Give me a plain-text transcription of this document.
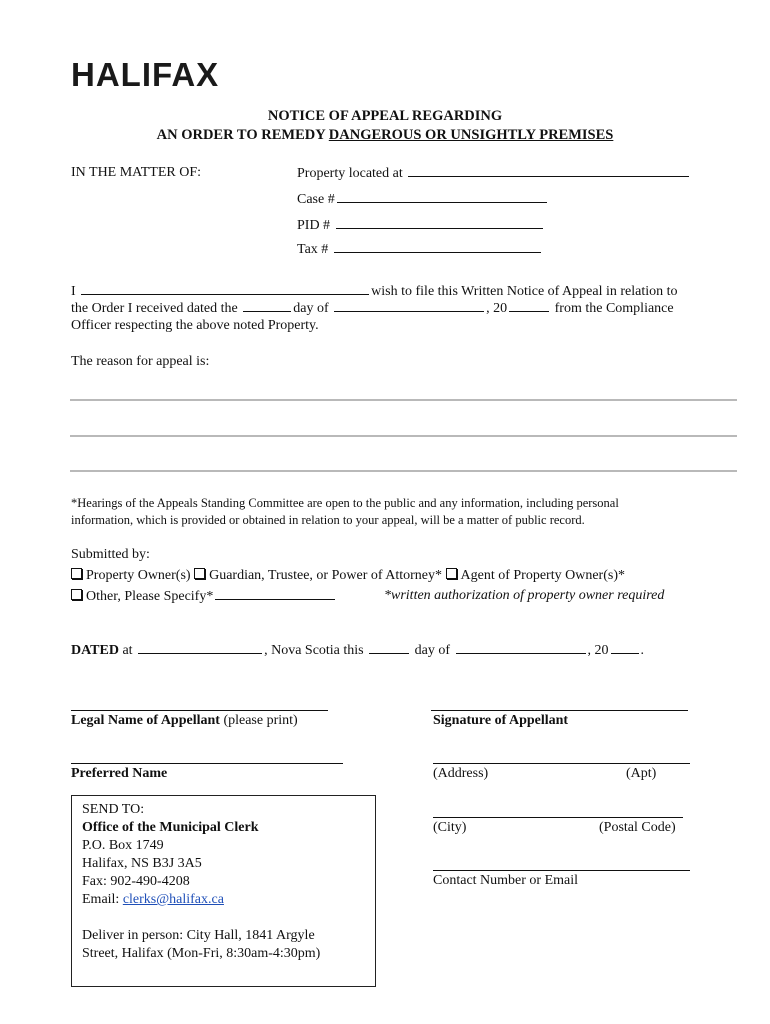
HALIFAX
NOTICE OF APPEAL REGARDING
AN ORDER TO REMEDY DANGEROUS OR UNSIGHTLY PREMISES
IN THE MATTER OF:	Property located at
Case #
PID #
Tax #
I	wish to file this Written Notice of Appeal in relation to
the Order I received dated the	day of	, 20	from the Compliance
Officer respecting the above noted Property.
The reason for appeal is:
*Hearings of the Appeals Standing Committee are open to the public and any information, including personal
information, which is provided or obtained in relation to your appeal, will be a matter of public record.
Submitted by:
Property Owner(s) Guardian, Trustee, or Power of Attorney* Agent of Property Owner(s)*
Other, Please Specify*	*written authorization of property owner required
DATED at	, Nova Scotia this	day of	, 20 .
Legal Name of Appellant (please print)	Signature of Appellant
Preferred Name	(Address)	(Apt)
(City)	(Postal Code)
Contact Number or Email
SEND TO:
Office of the Municipal Clerk
P.O. Box 1749
Halifax, NS B3J 3A5
Fax: 902-490-4208
Email: clerks@halifax.ca
Deliver in person: City Hall, 1841 Argyle
Street, Halifax (Mon-Fri, 8:30am-4:30pm)
